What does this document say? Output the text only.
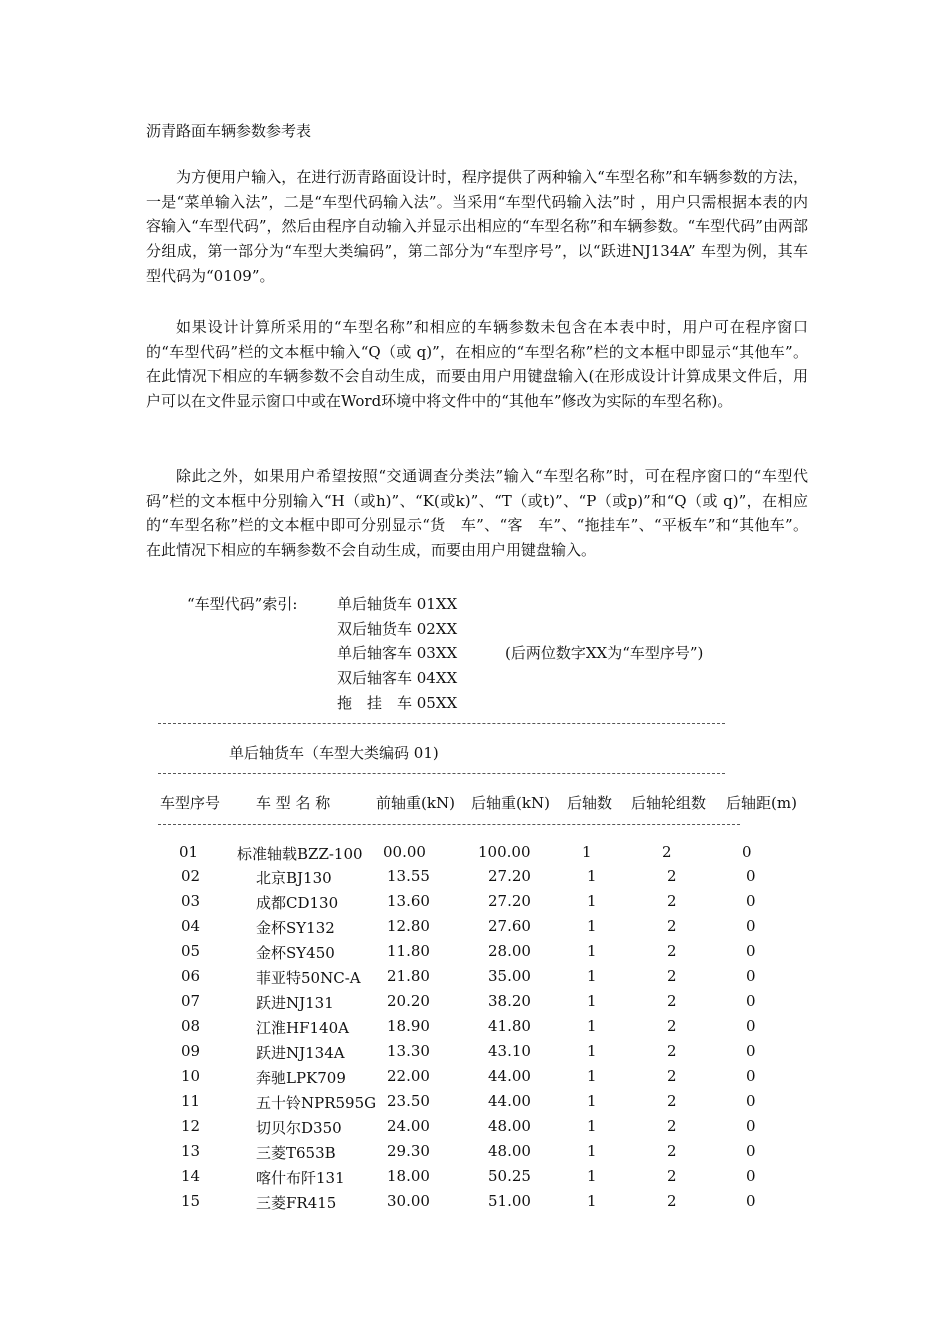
沥青路面车辆参数参考表
为方便用户输入，在进行沥青路面设计时，程序提供了两种输入“车型名称”和车辆参数的方法，一是“菜单输入法”，二是“车型代码输入法”。当采用“车型代码输入法”时 ，用户只需根据本表的内容输入“车型代码”，然后由程序自动输入并显示出相应的“车型名称”和车辆参数。“车型代码”由两部分组成，第一部分为“车型大类编码”，第二部分为“车型序号”，以“跃进NJ134A” 车型为例，其车型代码为“0109”。
如果设计计算所采用的“车型名称”和相应的车辆参数未包含在本表中时，用户可在程序窗口的“车型代码”栏的文本框中输入“Q（或 q)”，在相应的“车型名称”栏的文本框中即显示“其他车”。在此情况下相应的车辆参数不会自动生成，而要由用户用键盘输入(在形成设计计算成果文件后，用户可以在文件显示窗口中或在Word环境中将文件中的“其他车”修改为实际的车型名称)。
除此之外，如果用户希望按照“交通调查分类法”输入“车型名称”时，可在程序窗口的“车型代码”栏的文本框中分别输入“H（或h)”、“K(或k)”、“T（或t)”、“P（或p)”和“Q（或 q)”，在相应的“车型名称”栏的文本框中即可分别显示“货　车”、“客　车”、“拖挂车”、“平板车”和“其他车”。在此情况下相应的车辆参数不会自动生成，而要由用户用键盘输入。
“车型代码”索引:	单后轴货车 01XX
双后轴货车 02XX
单后轴客车 03XX	(后两位数字XX为“车型序号”)
双后轴客车 04XX
拖　挂　车 05XX
单后轴货车（车型大类编码 01)
车型序号 车 型 名 称	前轴重(kN) 后轴重(kN) 后轴数 后轴轮组数 后轴距(m)
01	标准轴载BZZ-100 00.00	100.00	1	2	0
02	北京BJ130	13.55	27.20	1	2	0
03	成都CD130	13.60	27.20	1	2	0
04	金杯SY132	12.80	27.60	1	2	0
05	金杯SY450	11.80	28.00	1	2	0
06	菲亚特50NC-A 21.80	35.00	1	2	0
07	跃进NJ131	20.20	38.20	1	2	0
08	江淮HF140A	18.90	41.80	1	2	0
09	跃进NJ134A	13.30	43.10	1	2	0
10	奔驰LPK709	22.00	44.00	1	2	0
11	五十铃NPR595G 23.50	44.00	1	2	0
12	切贝尔D350	24.00	48.00	1	2	0
13	三菱T653B	29.30	48.00	1	2	0
14	喀什布阡131	18.00	50.25	1	2	0
15	三菱FR415	30.00	51.00	1	2	0
